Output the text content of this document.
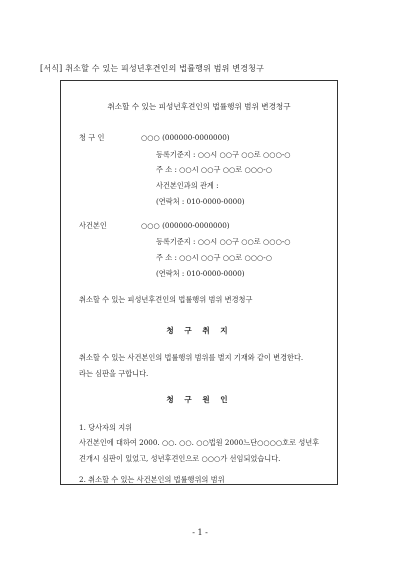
[서식] 취소할 수 있는 피성년후견인의 법률행위 범위 변경청구
취소할 수 있는 피성년후견인의 법률행위 범위 변경청구
청 구 인	○○○ (000000-0000000)
등록기준지 : ○○시 ○○구 ○○로 ○○○-○
주 소 : ○○시 ○○구 ○○로 ○○○-○
사건본인과의 관계 :
(연락처 : 010-0000-0000)
사건본인	○○○ (000000-0000000)
등록기준지 : ○○시 ○○구 ○○로 ○○○-○
주 소 : ○○시 ○○구 ○○로 ○○○-○
(연락처 : 010-0000-0000)
취소할 수 있는 피성년후견인의 법률행위 범위 변경청구
청 구 취 지
취소할 수 있는 사건본인의 법률행위 범위를 별지 기재와 같이 변경한다.
라는 심판을 구합니다.
청 구 원 인
1. 당사자의 지위
사건본인에 대하여 2000. ○○. ○○. ○○법원 2000느단○○○○호로 성년후
견개시 심판이 있었고, 성년후견인으로 ○○○가 선임되었습니다.
2. 취소할 수 있는 사건본인의 법률행위의 범위
- 1 -
